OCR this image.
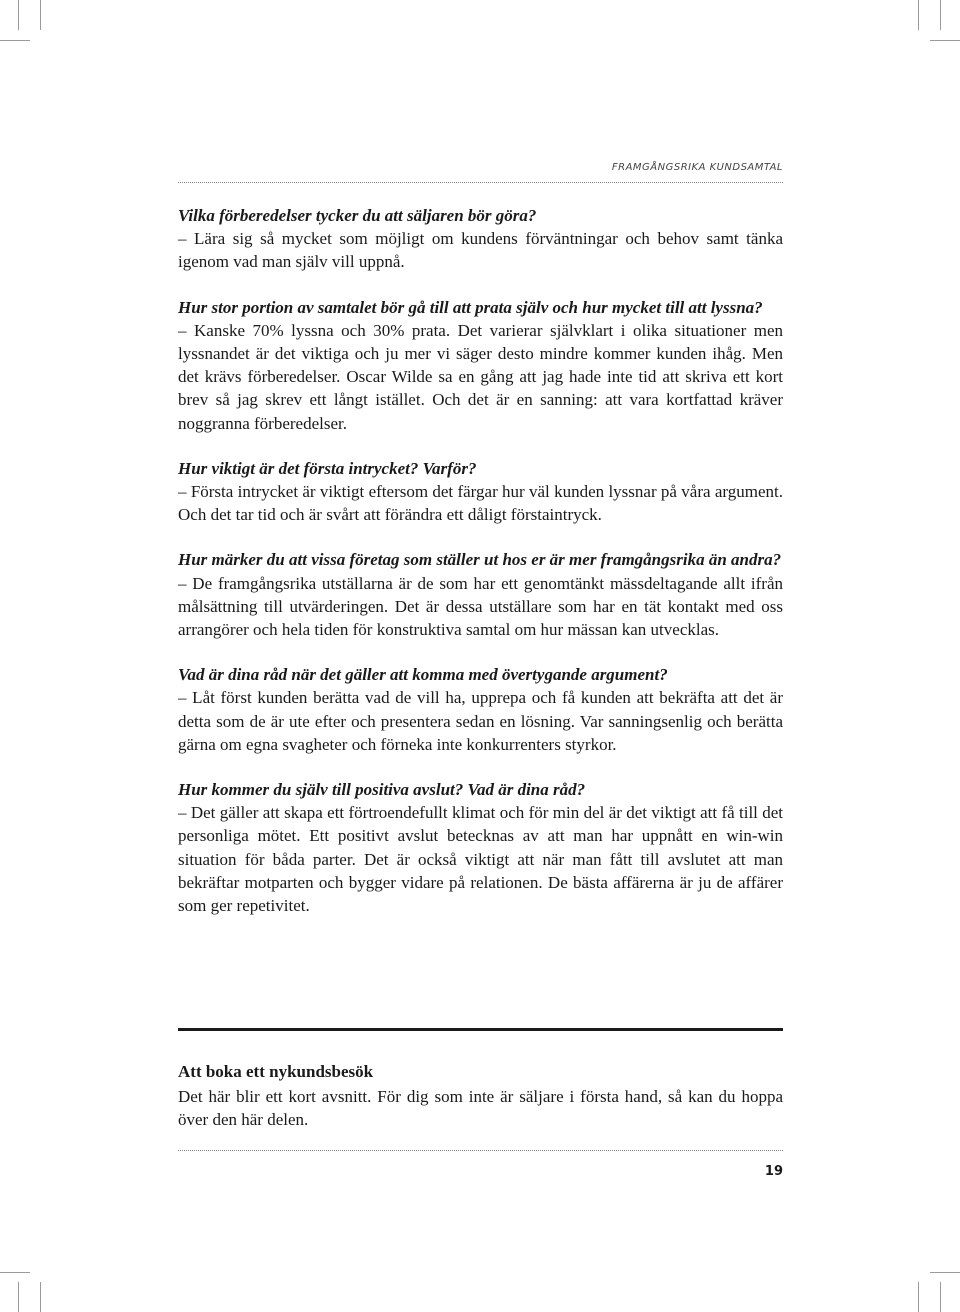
FRAMGÅNGSRIKA KUNDSAMTAL
Vilka förberedelser tycker du att säljaren bör göra?
– Lära sig så mycket som möjligt om kundens förväntningar och behov samt tänka igenom vad man själv vill uppnå.
Hur stor portion av samtalet bör gå till att prata själv och hur mycket till att lyssna?
– Kanske 70% lyssna och 30% prata. Det varierar självklart i olika situationer men lyssnandet är det viktiga och ju mer vi säger desto mindre kommer kunden ihåg. Men det krävs förberedelser. Oscar Wilde sa en gång att jag hade inte tid att skriva ett kort brev så jag skrev ett långt istället. Och det är en sanning: att vara kortfattad kräver noggranna förberedelser.
Hur viktigt är det första intrycket? Varför?
– Första intrycket är viktigt eftersom det färgar hur väl kunden lyssnar på våra argument. Och det tar tid och är svårt att förändra ett dåligt förstaintryck.
Hur märker du att vissa företag som ställer ut hos er är mer framgångsrika än andra?
– De framgångsrika utställarna är de som har ett genomtänkt mässdeltagande allt ifrån målsättning till utvärderingen. Det är dessa utställare som har en tät kontakt med oss arrangörer och hela tiden för konstruktiva samtal om hur mässan kan utvecklas.
Vad är dina råd när det gäller att komma med övertygande argument?
– Låt först kunden berätta vad de vill ha, upprepa och få kunden att bekräfta att det är detta som de är ute efter och presentera sedan en lösning. Var sanningsenlig och berätta gärna om egna svagheter och förneka inte konkurrenters styrkor.
Hur kommer du själv till positiva avslut? Vad är dina råd?
– Det gäller att skapa ett förtroendefullt klimat och för min del är det viktigt att få till det personliga mötet. Ett positivt avslut betecknas av att man har uppnått en win-win situation för båda parter. Det är också viktigt att när man fått till avslutet att man bekräftar motparten och bygger vidare på relationen. De bästa affärerna är ju de affärer som ger repetivitet.
Att boka ett nykundsbesök
Det här blir ett kort avsnitt. För dig som inte är säljare i första hand, så kan du hoppa över den här delen.
19
